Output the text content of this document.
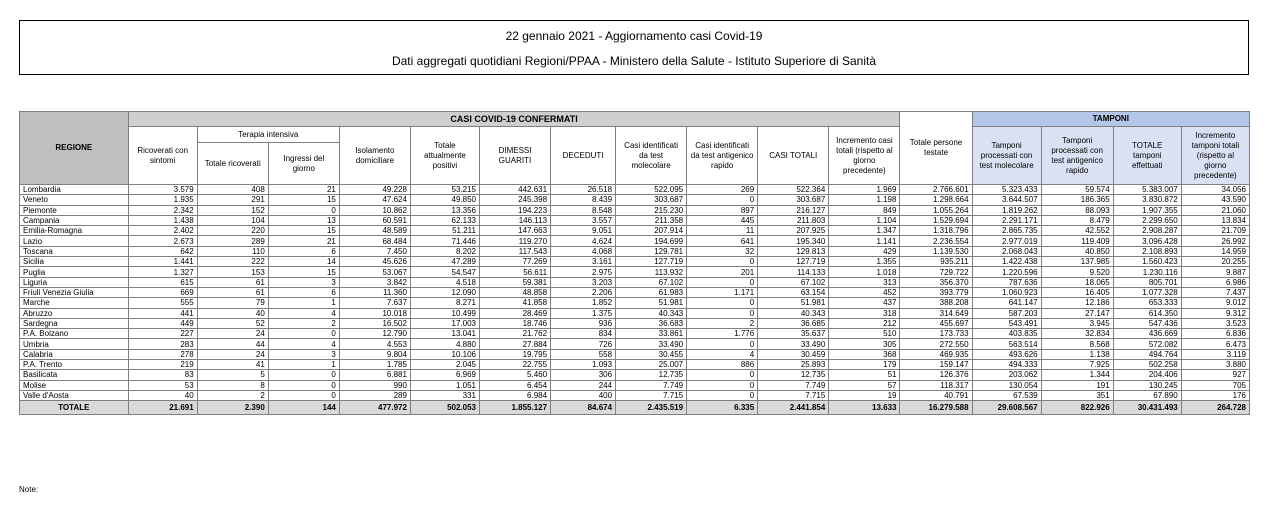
22 gennaio 2021 - Aggiornamento casi Covid-19
Dati aggregati quotidiani Regioni/PPAA - Ministero della Salute - Istituto Superiore di Sanità
REGIONE	CASI COVID-19 CONFERMATI											Totale persone testate	TAMPONI			
	Ricoverati con sintomi	Terapia intensiva		Isolamento domiciliare	Totale attualmente positivi	DIMESSI GUARITI	DECEDUTI	Casi identificati da test molecolare	Casi identificati da test antigenico rapido	CASI TOTALI	Incremento casi totali (rispetto al giorno precedente)		Tamponi processati con test molecolare	Tamponi processati con test antigenico rapido	TOTALE tamponi effettuati	Incremento tamponi totali (rispetto al giorno precedente)
		Totale ricoverati	Ingressi del giorno													
Lombardia	3.579	408	21	49.228	53.215	442.631	26.518	522.095	269	522.364	1.969	2.766.601	5.323.433	59.574	5.383.007	34.056
Veneto	1.935	291	15	47.624	49.850	245.398	8.439	303.687	0	303.687	1.198	1.298.664	3.644.507	186.365	3.830.872	43.590
Piemonte	2.342	152	0	10.862	13.356	194.223	8.548	215.230	897	216.127	849	1.055.264	1.819.262	88.093	1.907.355	21.060
Campania	1.438	104	13	60.591	62.133	146.113	3.557	211.358	445	211.803	1.104	1.529.694	2.291.171	8.479	2.299.650	13.834
Emilia-Romagna	2.402	220	15	48.589	51.211	147.663	9.051	207.914	11	207.925	1.347	1.318.796	2.865.735	42.552	2.908.287	21.709
Lazio	2.673	289	21	68.484	71.446	119.270	4.624	194.699	641	195.340	1.141	2.236.554	2.977.019	119.409	3.096.428	26.992
Toscana	642	110	6	7.450	8.202	117.543	4.068	129.781	32	129.813	429	1.139.530	2.068.043	40.850	2.108.893	14.959
Sicilia	1.441	222	14	45.626	47.289	77.269	3.161	127.719	0	127.719	1.355	935.211	1.422.438	137.985	1.560.423	20.255
Puglia	1.327	153	15	53.067	54.547	56.611	2.975	113.932	201	114.133	1.018	729.722	1.220.596	9.520	1.230.116	9.887
Liguria	615	61	3	3.842	4.518	59.381	3.203	67.102	0	67.102	313	356.370	787.636	18.065	805.701	6.986
Friuli Venezia Giulia	669	61	6	11.360	12.090	48.858	2.206	61.983	1.171	63.154	452	393.779	1.060.923	16.405	1.077.328	7.437
Marche	555	79	1	7.637	8.271	41.858	1.852	51.981	0	51.981	437	388.208	641.147	12.186	653.333	9.012
Abruzzo	441	40	4	10.018	10.499	28.469	1.375	40.343	0	40.343	318	314.649	587.203	27.147	614.350	9.312
Sardegna	449	52	2	16.502	17.003	18.746	936	36.683	2	36.685	212	455.697	543.491	3.945	547.436	3.523
P.A. Bolzano	227	24	0	12.790	13.041	21.762	834	33.861	1.776	35.637	510	173.733	403.835	32.834	436.669	6.836
Umbria	283	44	4	4.553	4.880	27.884	726	33.490	0	33.490	305	272.550	563.514	8.568	572.082	6.473
Calabria	278	24	3	9.804	10.106	19.795	558	30.455	4	30.459	368	469.935	493.626	1.138	494.764	3.119
P.A. Trento	219	41	1	1.785	2.045	22.755	1.093	25.007	886	25.893	179	159.147	494.333	7.925	502.258	3.880
Basilicata	83	5	0	6.881	6.969	5.460	306	12.735	0	12.735	51	126.376	203.062	1.344	204.406	927
Molise	53	8	0	990	1.051	6.454	244	7.749	0	7.749	57	118.317	130.054	191	130.245	705
Valle d'Aosta	40	2	0	289	331	6.984	400	7.715	0	7.715	19	40.791	67.539	351	67.890	176
TOTALE	21.691	2.390	144	477.972	502.053	1.855.127	84.674	2.435.519	6.335	2.441.854	13.633	16.279.588	29.608.567	822.926	30.431.493	264.728
Note:
